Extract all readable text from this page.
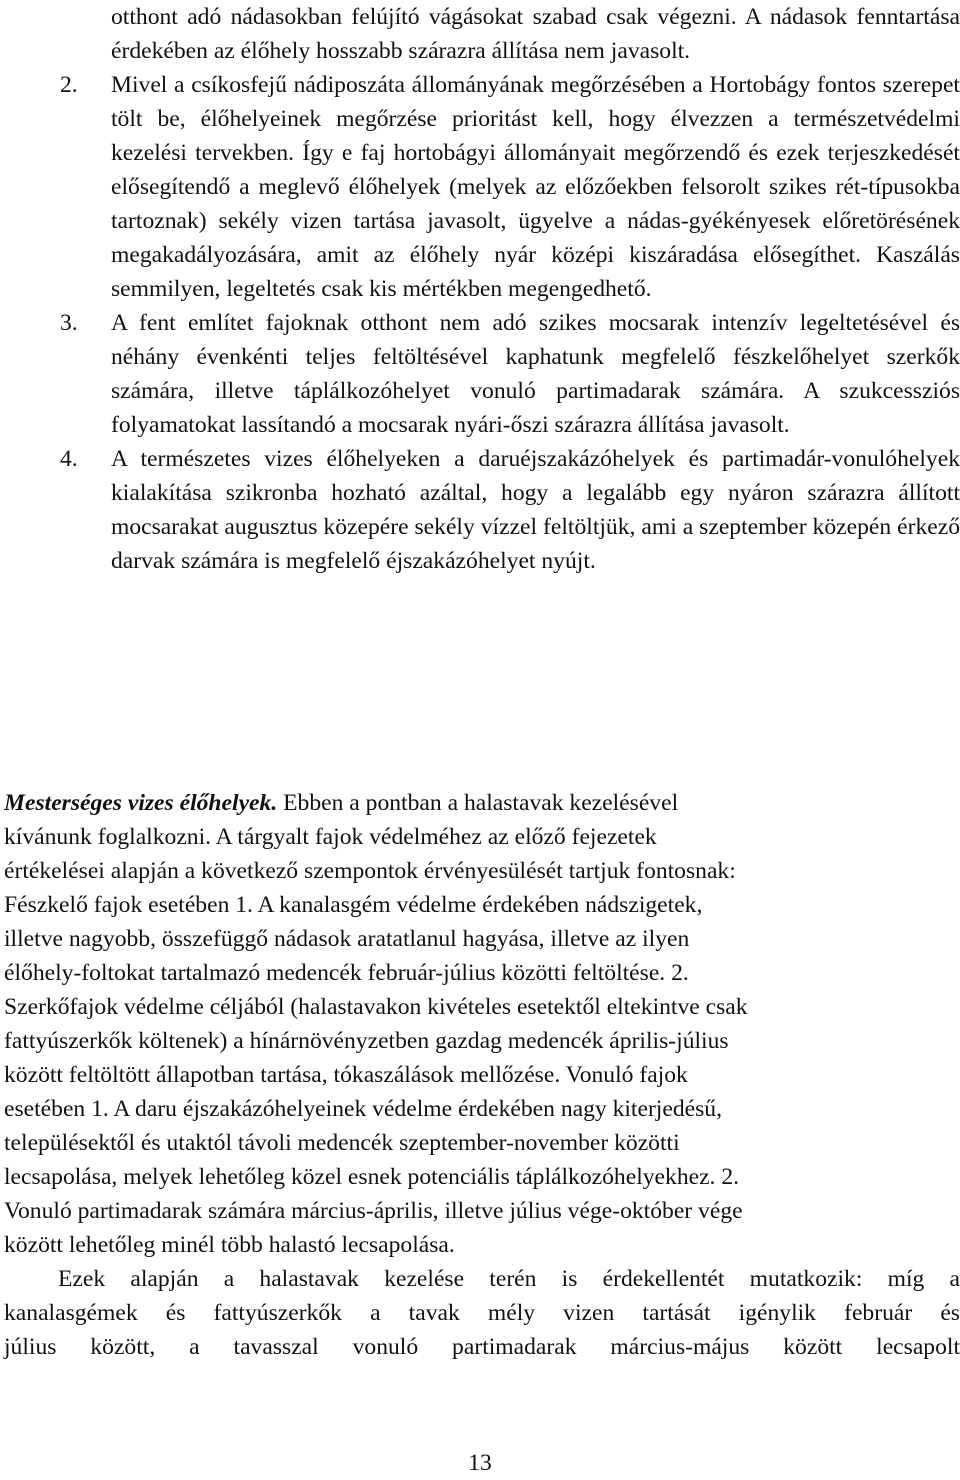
otthont adó nádasokban felújító vágásokat szabad csak végezni. A nádasok fenntartása érdekében az élőhely hosszabb szárazra állítása nem javasolt.
2. Mivel a csíkosfejű nádiposzáta állományának megőrzésében a Hortobágy fontos szerepet tölt be, élőhelyeinek megőrzése prioritást kell, hogy élvezzen a természetvédelmi kezelési tervekben. Így e faj hortobágyi állományait megőrzendő és ezek terjeszkedését elősegítendő a meglevő élőhelyek (melyek az előzőekben felsorolt szikes rét-típusokba tartoznak) sekély vizen tartása javasolt, ügyelve a nádas-gyékényesek előretörésének megakadályozására, amit az élőhely nyár középi kiszáradása elősegíthet. Kaszálás semmilyen, legeltetés csak kis mértékben megengedhető.
3. A fent említet fajoknak otthont nem adó szikes mocsarak intenzív legeltetésével és néhány évenkénti teljes feltöltésével kaphatunk megfelelő fészkelőhelyet szerkők számára, illetve táplálkozóhelyet vonuló partimadarak számára. A szukcessziós folyamatokat lassítandó a mocsarak nyári-őszi szárazra állítása javasolt.
4. A természetes vizes élőhelyeken a daruéjszakázóhelyek és partimadár-vonulóhelyek kialakítása szikronba hozható azáltal, hogy a legalább egy nyáron szárazra állított mocsarakat augusztus közepére sekély vízzel feltöltjük, ami a szeptember közepén érkező darvak számára is megfelelő éjszakázóhelyet nyújt.

Mesterséges vizes élőhelyek. Ebben a pontban a halastavak kezelésével
kívánunk foglalkozni. A tárgyalt fajok védelméhez az előző fejezetek
értékelései alapján a következő szempontok érvényesülését tartjuk fontosnak:
Fészkelő fajok esetében 1. A kanalasgém védelme érdekében nádszigetek,
illetve nagyobb, összefüggő nádasok aratatlanul hagyása, illetve az ilyen
élőhely-foltokat tartalmazó medencék február-július közötti feltöltése. 2.
Szerkőfajok védelme céljából (halastavakon kivételes esetektől eltekintve csak
fattyúszerkők költenek) a hínárnövényzetben gazdag medencék április-július
között feltöltött állapotban tartása, tókaszálások mellőzése. Vonuló fajok
esetében 1. A daru éjszakázóhelyeinek védelme érdekében nagy kiterjedésű,
településektől és utaktól távoli medencék szeptember-november közötti
lecsapolása, melyek lehetőleg közel esnek potenciális táplálkozóhelyekhez. 2.
Vonuló partimadarak számára március-április, illetve július vége-október vége
között lehetőleg minél több halastó lecsapolása.

Ezek alapján a halastavak kezelése terén is érdekellentét mutatkozik: míg a
kanalasgémek és fattyúszerkők a tavak mély vizen tartását igénylik február és
július között, a tavasszal vonuló partimadarak március-május között lecsapolt

13
